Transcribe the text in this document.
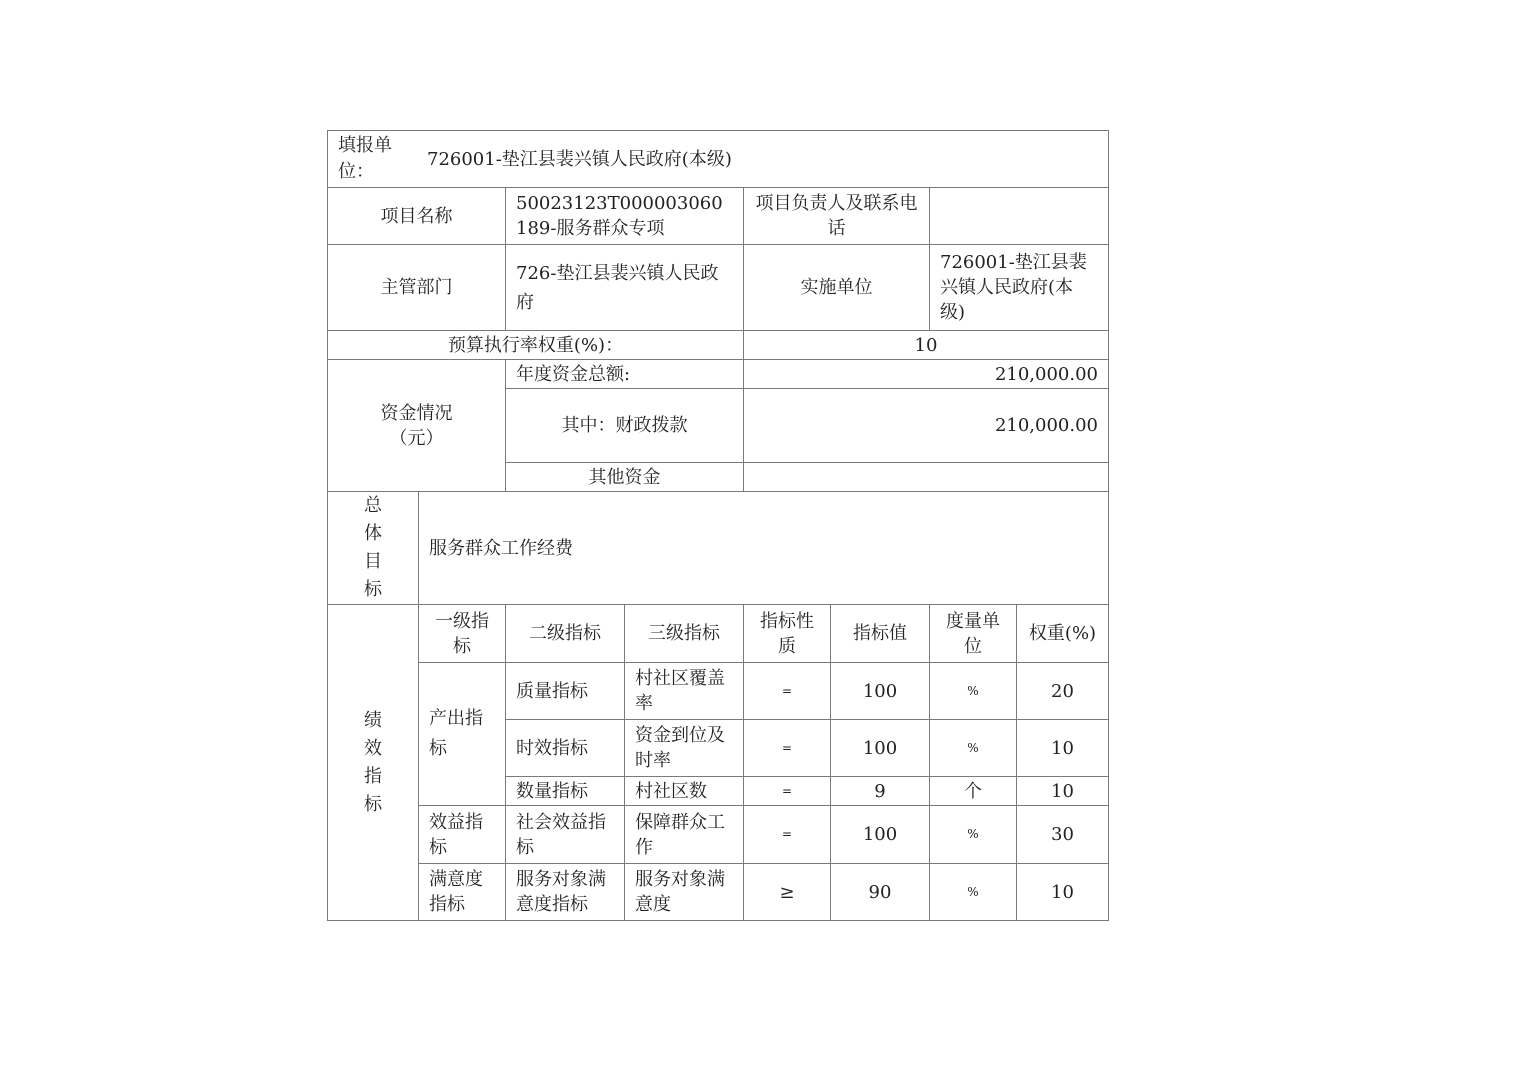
填报单位：
726001-垫江县裴兴镇人民政府(本级)							

项目名称		50023123T000003060189-服务群众专项		项目负责人及联系电话			
主管部门		726-垫江县裴兴镇人民政府		实施单位		726001-垫江县裴兴镇人民政府(本级)	
预算执行率权重(%)：				10			
资金情况（元）		年度资金总额:		210,000.00			
		其中：财政拨款		210,000.00			
		其他资金					
总体目标	服务群众工作经费						
绩效指标	一级指标	二级指标	三级指标	指标性质	指标值	度量单位	权重(%)
	产出指标	质量指标	村社区覆盖率	=	100	%	20
		时效指标	资金到位及时率	=	100	%	10
		数量指标	村社区数	=	9	个	10
	效益指标	社会效益指标	保障群众工作	=	100	%	30
	满意度指标	服务对象满意度指标	服务对象满意度	≥	90	%	10
